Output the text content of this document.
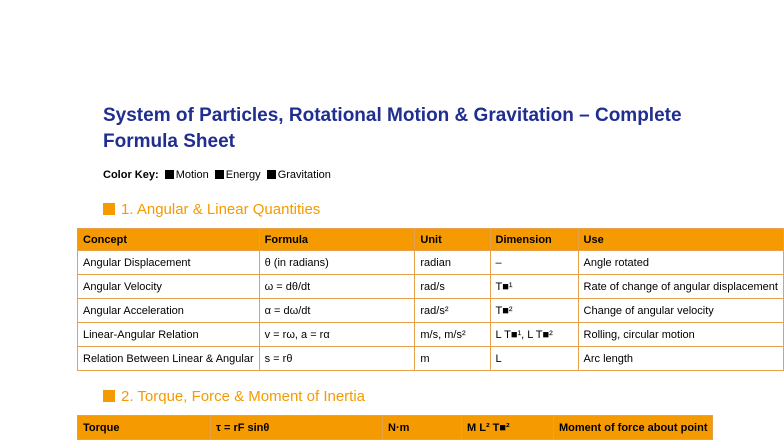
System of Particles, Rotational Motion & Gravitation – Complete Formula Sheet
Color Key: Motion Energy Gravitation
1. Angular & Linear Quantities
Concept	Formula	Unit	Dimension	Use
Angular Displacement	θ (in radians)	radian	–	Angle rotated
Angular Velocity	ω = dθ/dt	rad/s	T■¹	Rate of change of angular displacement
Angular Acceleration	α = dω/dt	rad/s²	T■²	Change of angular velocity
Linear-Angular Relation	v = rω, a = rα	m/s, m/s²	L T■¹, L T■²	Rolling, circular motion
Relation Between Linear & Angular	s = rθ	m	L	Arc length
2. Torque, Force & Moment of Inertia
Torque	τ = rF sinθ	N·m	M L² T■²	Moment of force about point
